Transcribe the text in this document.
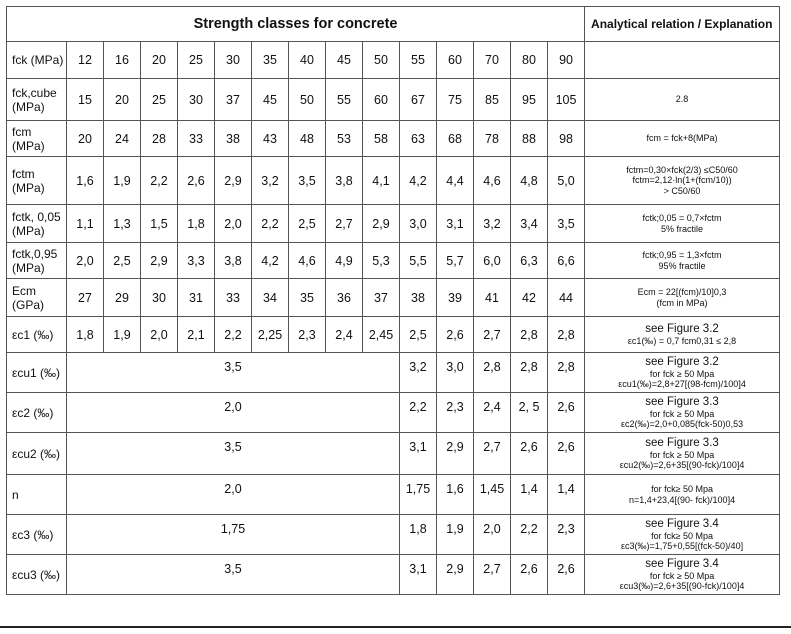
Strength classes for concrete															Analytical relation / Explanation
fck (MPa)	12	16	20	25	30	35	40	45	50	55	60	70	80	90	

fck,cube (MPa)	15	20	25	30	37	45	50	55	60	67	75	85	95	105	2.8

fcm (MPa)	20	24	28	33	38	43	48	53	58	63	68	78	88	98	fcm = fck+8(MPa)

fctm (MPa)	1,6	1,9	2,2	2,6	2,9	3,2	3,5	3,8	4,1	4,2	4,4	4,6	4,8	5,0	fctm=0,30×fck(2/3) ≤C50/60
fctm=2,12·ln(1+(fcm/10))
> C50/60

fctk, 0,05 (MPa)	1,1	1,3	1,5	1,8	2,0	2,2	2,5	2,7	2,9	3,0	3,1	3,2	3,4	3,5	fctk;0,05 = 0,7×fctm
5% fractile

fctk,0,95 (MPa)	2,0	2,5	2,9	3,3	3,8	4,2	4,6	4,9	5,3	5,5	5,7	6,0	6,3	6,6	fctk;0,95 = 1,3×fctm
95% fractile

Ecm (GPa)	27	29	30	31	33	34	35	36	37	38	39	41	42	44	Ecm = 22[(fcm)/10]0,3
(fcm in MPa)

εc1 (‰)	1,8	1,9	2,0	2,1	2,2	2,25	2,3	2,4	2,45	2,5	2,6	2,7	2,8	2,8	see Figure 3.2
εc1(‰) = 0,7 fcm0,31 ≤ 2,8

εcu1 (‰)	3,5									3,2	3,0	2,8	2,8	2,8	see Figure 3.2
for fck ≥ 50 Mpa
εcu1(‰)=2,8+27[(98-fcm)/100]4

εc2 (‰)	2,0									2,2	2,3	2,4	2, 5	2,6	see Figure 3.3
for fck ≥ 50 Mpa
εc2(‰)=2,0+0,085(fck-50)0,53

εcu2 (‰)	3,5									3,1	2,9	2,7	2,6	2,6	see Figure 3.3
for fck ≥ 50 Mpa
εcu2(‰)=2,6+35[(90-fck)/100]4

n	2,0									1,75	1,6	1,45	1,4	1,4	for fck≥ 50 Mpa
n=1,4+23,4[(90- fck)/100]4

εc3 (‰)	1,75									1,8	1,9	2,0	2,2	2,3	see Figure 3.4
for fck≥ 50 Mpa
εc3(‰)=1,75+0,55[(fck-50)/40]

εcu3 (‰)	3,5									3,1	2,9	2,7	2,6	2,6	see Figure 3.4
for fck ≥ 50 Mpa
εcu3(‰)=2,6+35[(90-fck)/100]4
